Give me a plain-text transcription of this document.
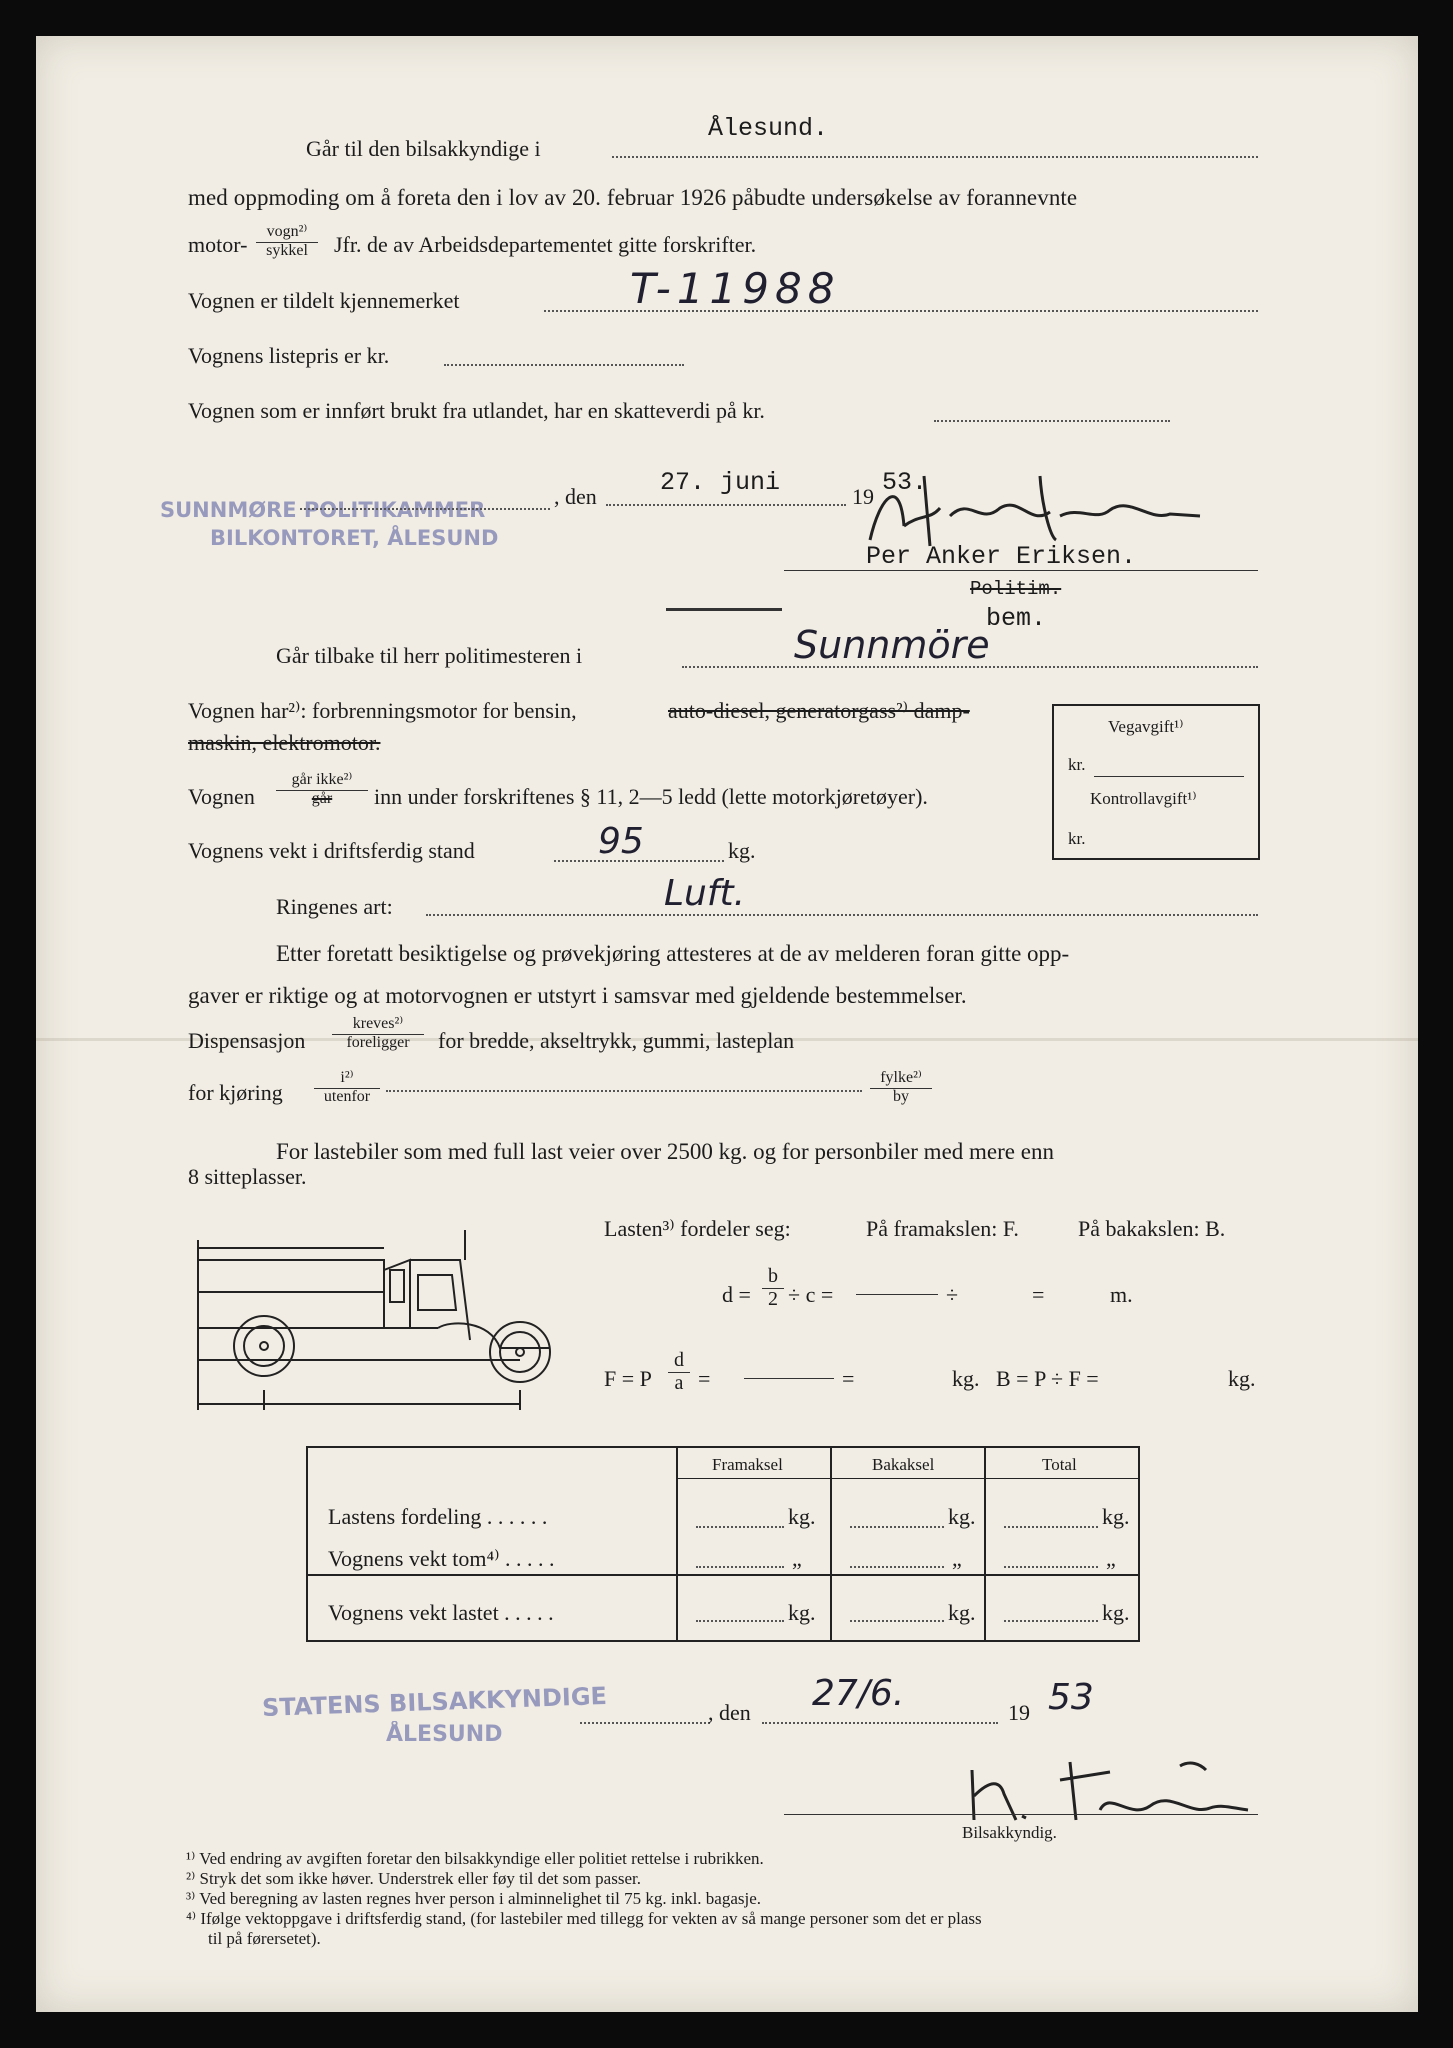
Går til den bilsakkyndige i
Ålesund.
med oppmoding om å foreta den i lov av 20. februar 1926 påbudte undersøkelse av forannevnte
motor-
vogn²⁾
sykkel	Jfr. de av Arbeidsdepartementet gitte forskrifter.
Vognen er tildelt kjennemerket	T-11988
Vognens listepris er kr.
Vognen som er innført brukt fra utlandet, har en skatteverdi på kr.
SUNNMØRE POLITIKAMMER
BILKONTORET, ÅLESUND
, den	27. juni	19 53.
Per Anker Eriksen.
Politim.
bem.
Går tilbake til herr politimesteren i	Sunnmöre
Vognen har²⁾: forbrenningsmotor for bensin,	auto-diesel, generatorgass²⁾ damp-
maskin, elektromotor.
Vegavgift¹⁾
kr.
Kontrollavgift¹⁾
kr.
Vognen
går ikke²⁾
går	inn under forskriftenes § 11, 2—5 ledd (lette motorkjøretøyer).
Vognens vekt i driftsferdig stand	95	kg.
Ringenes art:	Luft.
Etter foretatt besiktigelse og prøvekjøring attesteres at de av melderen foran gitte opp-
gaver er riktige og at motorvognen er utstyrt i samsvar med gjeldende bestemmelser.
Dispensasjon
kreves²⁾
foreligger	for bredde, akseltrykk, gummi, lasteplan
for kjøring
i²⁾
utenfor
fylke²⁾
by
For lastebiler som med full last veier over 2500 kg. og for personbiler med mere enn
8 sitteplasser.
Lasten³⁾ fordeler seg:	På framakslen: F.	På bakakslen: B.
$d = \frac{b}{2} \div c$ =	÷	=	m.
F = P $\frac{d}{a}$ =	=	kg. B = P ÷ F =	kg.
Framaksel	Bakaksel	Total
Lastens fordeling . . . . . .	kg.	kg.	kg.
Vognens vekt tom⁴⁾ . . . . .	„	„	„
Vognens vekt lastet . . . . .	kg.	kg.	kg.
STATENS BILSAKKYNDIGE
ÅLESUND
, den 27/6.	19 53
Bilsakkyndig.
¹⁾ Ved endring av avgiften foretar den bilsakkyndige eller politiet rettelse i rubrikken.
²⁾ Stryk det som ikke høver. Understrek eller føy til det som passer.
³⁾ Ved beregning av lasten regnes hver person i alminnelighet til 75 kg. inkl. bagasje.
⁴⁾ Ifølge vektoppgave i driftsferdig stand, (for lastebiler med tillegg for vekten av så mange personer som det er plass
til på førersetet).
